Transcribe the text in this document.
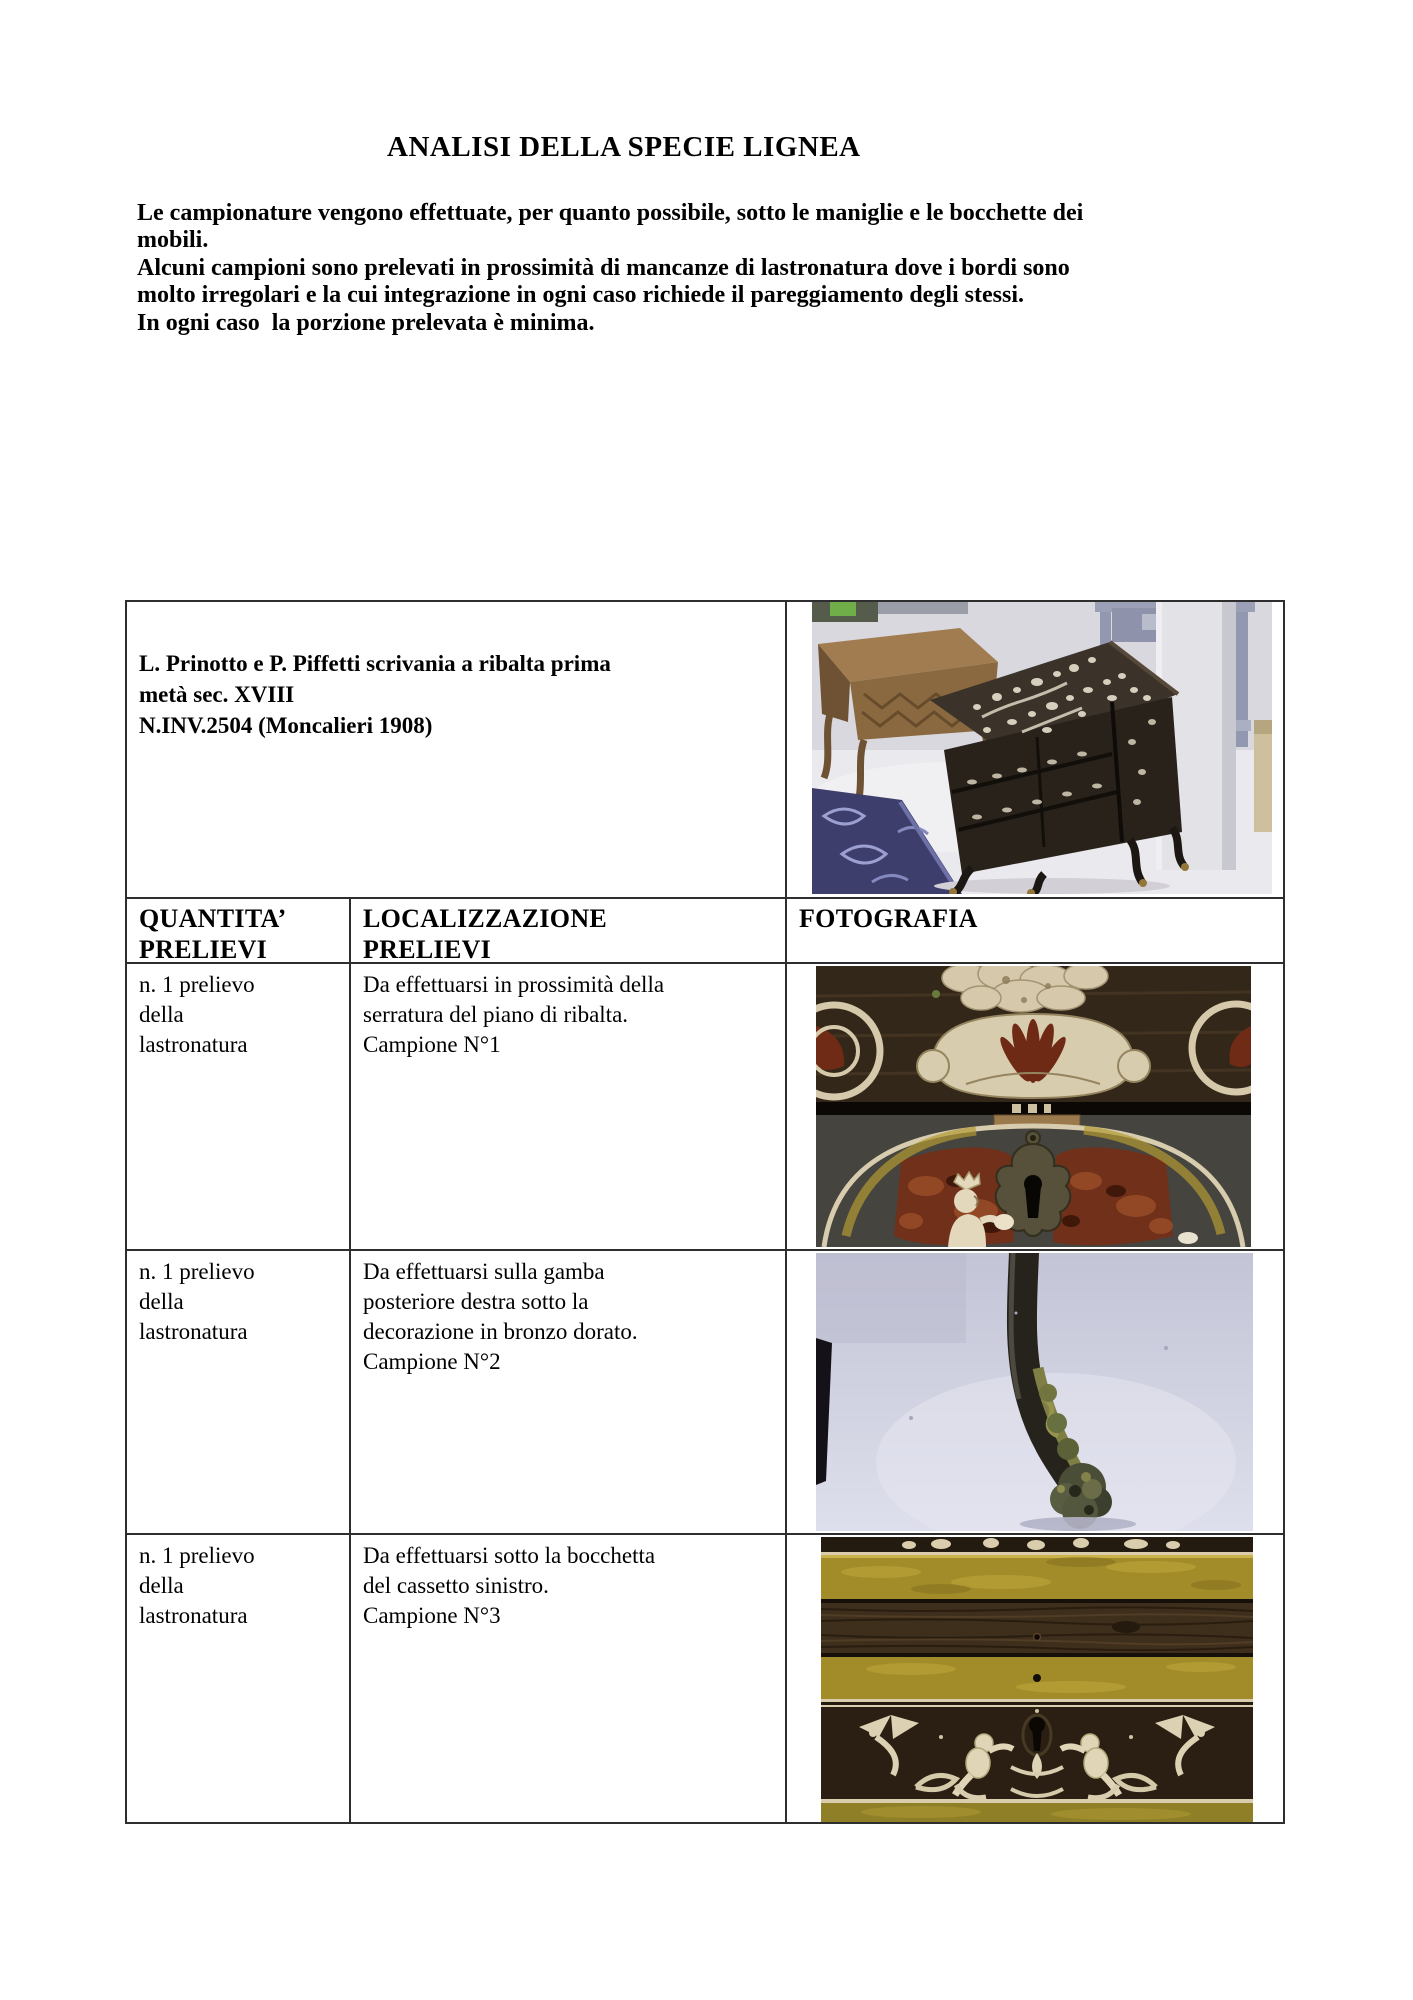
ANALISI DELLA SPECIE LIGNEA
Le campionature vengono effettuate, per quanto possibile, sotto le maniglie e le bocchette dei
mobili.
Alcuni campioni sono prelevati in prossimità di mancanze di lastronatura dove i bordi sono
molto irregolari e la cui integrazione in ogni caso richiede il pareggiamento degli stessi.
In ogni caso  la porzione prelevata è minima.
L. Prinotto e P. Piffetti scrivania a ribalta prima
metà sec. XVIII
N.INV.2504 (Moncalieri 1908)
QUANTITA’
PRELIEVI
LOCALIZZAZIONE
PRELIEVI
FOTOGRAFIA
n. 1 prelievo
della
lastronatura
Da effettuarsi in prossimità della
serratura del piano di ribalta.
Campione N°1
n. 1 prelievo
della
lastronatura
Da effettuarsi sulla gamba
posteriore destra sotto la
decorazione in bronzo dorato.
Campione N°2
n. 1 prelievo
della
lastronatura
Da effettuarsi sotto la bocchetta
del cassetto sinistro.
Campione N°3
